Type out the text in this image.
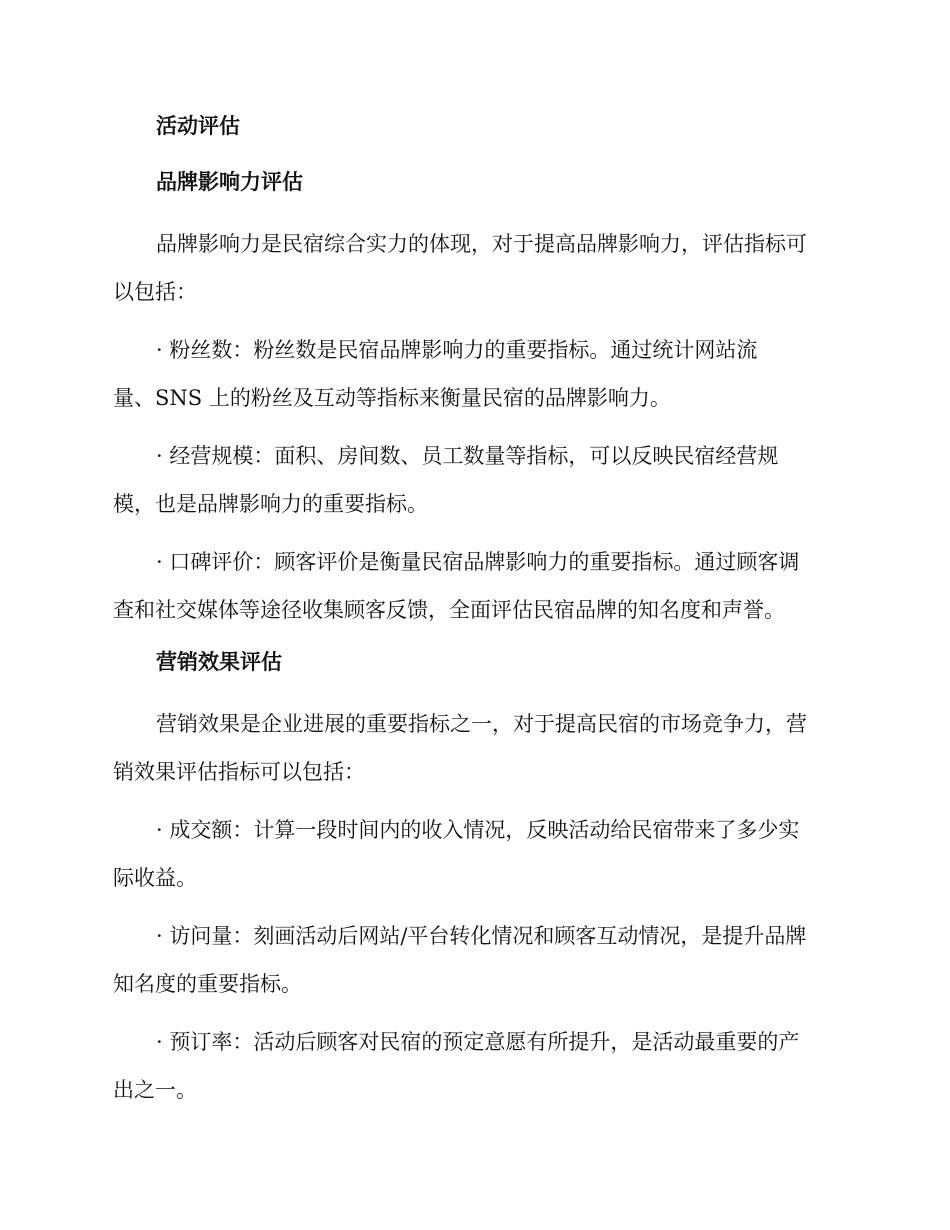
活动评估
品牌影响力评估
品牌影响力是民宿综合实力的体现，对于提高品牌影响力，评估指标可
以包括：
· 粉丝数：粉丝数是民宿品牌影响力的重要指标。通过统计网站流
量、SNS 上的粉丝及互动等指标来衡量民宿的品牌影响力。
· 经营规模：面积、房间数、员工数量等指标，可以反映民宿经营规
模，也是品牌影响力的重要指标。
· 口碑评价：顾客评价是衡量民宿品牌影响力的重要指标。通过顾客调
查和社交媒体等途径收集顾客反馈，全面评估民宿品牌的知名度和声誉。
营销效果评估
营销效果是企业进展的重要指标之一，对于提高民宿的市场竞争力，营
销效果评估指标可以包括：
· 成交额：计算一段时间内的收入情况，反映活动给民宿带来了多少实
际收益。
· 访问量：刻画活动后网站/平台转化情况和顾客互动情况，是提升品牌
知名度的重要指标。
· 预订率：活动后顾客对民宿的预定意愿有所提升，是活动最重要的产
出之一。
